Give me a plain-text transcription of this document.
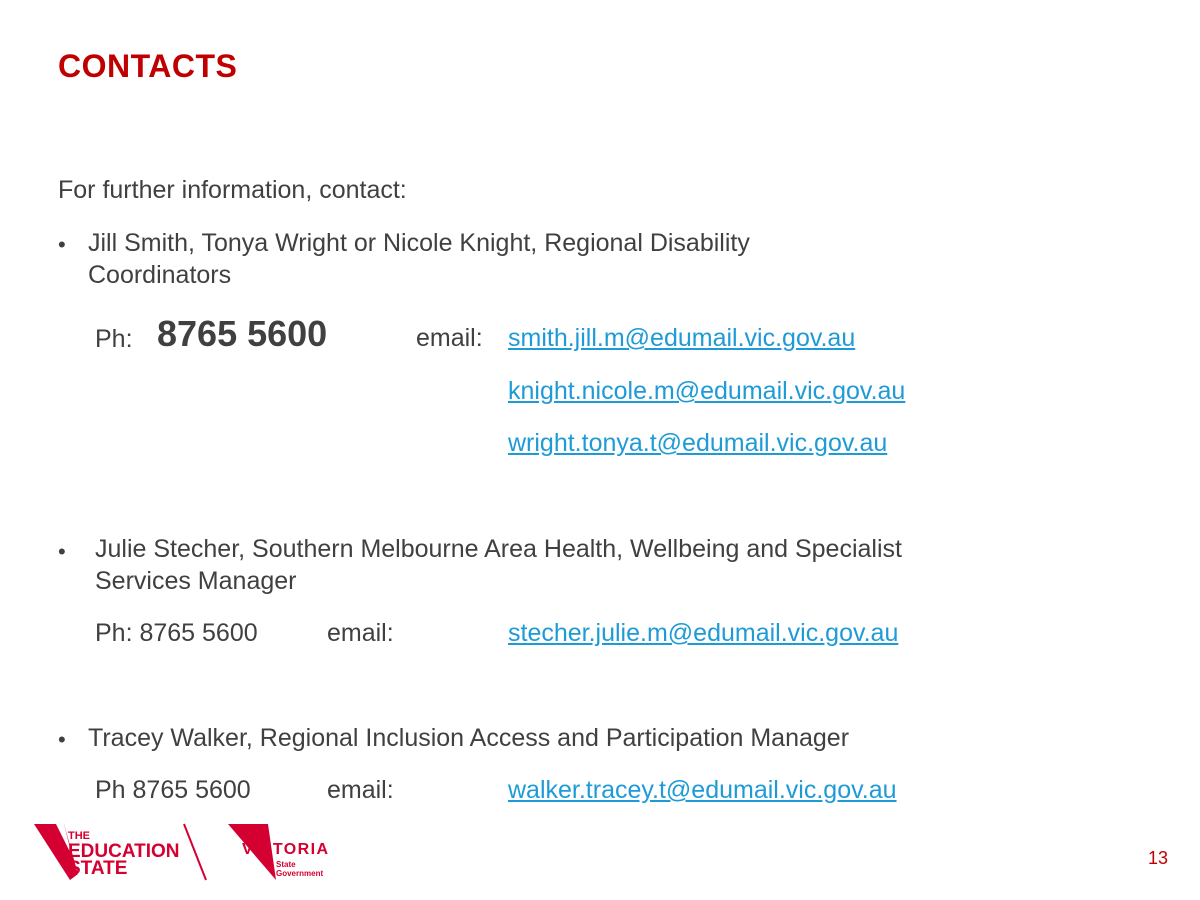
CONTACTS
For further information, contact:
• Jill Smith, Tonya Wright or Nicole Knight, Regional Disability
Coordinators
Ph: 8765 5600	email: smith.jill.m@edumail.vic.gov.au
knight.nicole.m@edumail.vic.gov.au
wright.tonya.t@edumail.vic.gov.au
• Julie Stecher, Southern Melbourne Area Health, Wellbeing and Specialist
Services Manager
Ph: 8765 5600	email:	stecher.julie.m@edumail.vic.gov.au
• Tracey Walker, Regional Inclusion Access and Participation Manager
Ph 8765 5600	email:	walker.tracey.t@edumail.vic.gov.au
THE
EDUCATION
STATE
VICTORIA
State
Government
13
